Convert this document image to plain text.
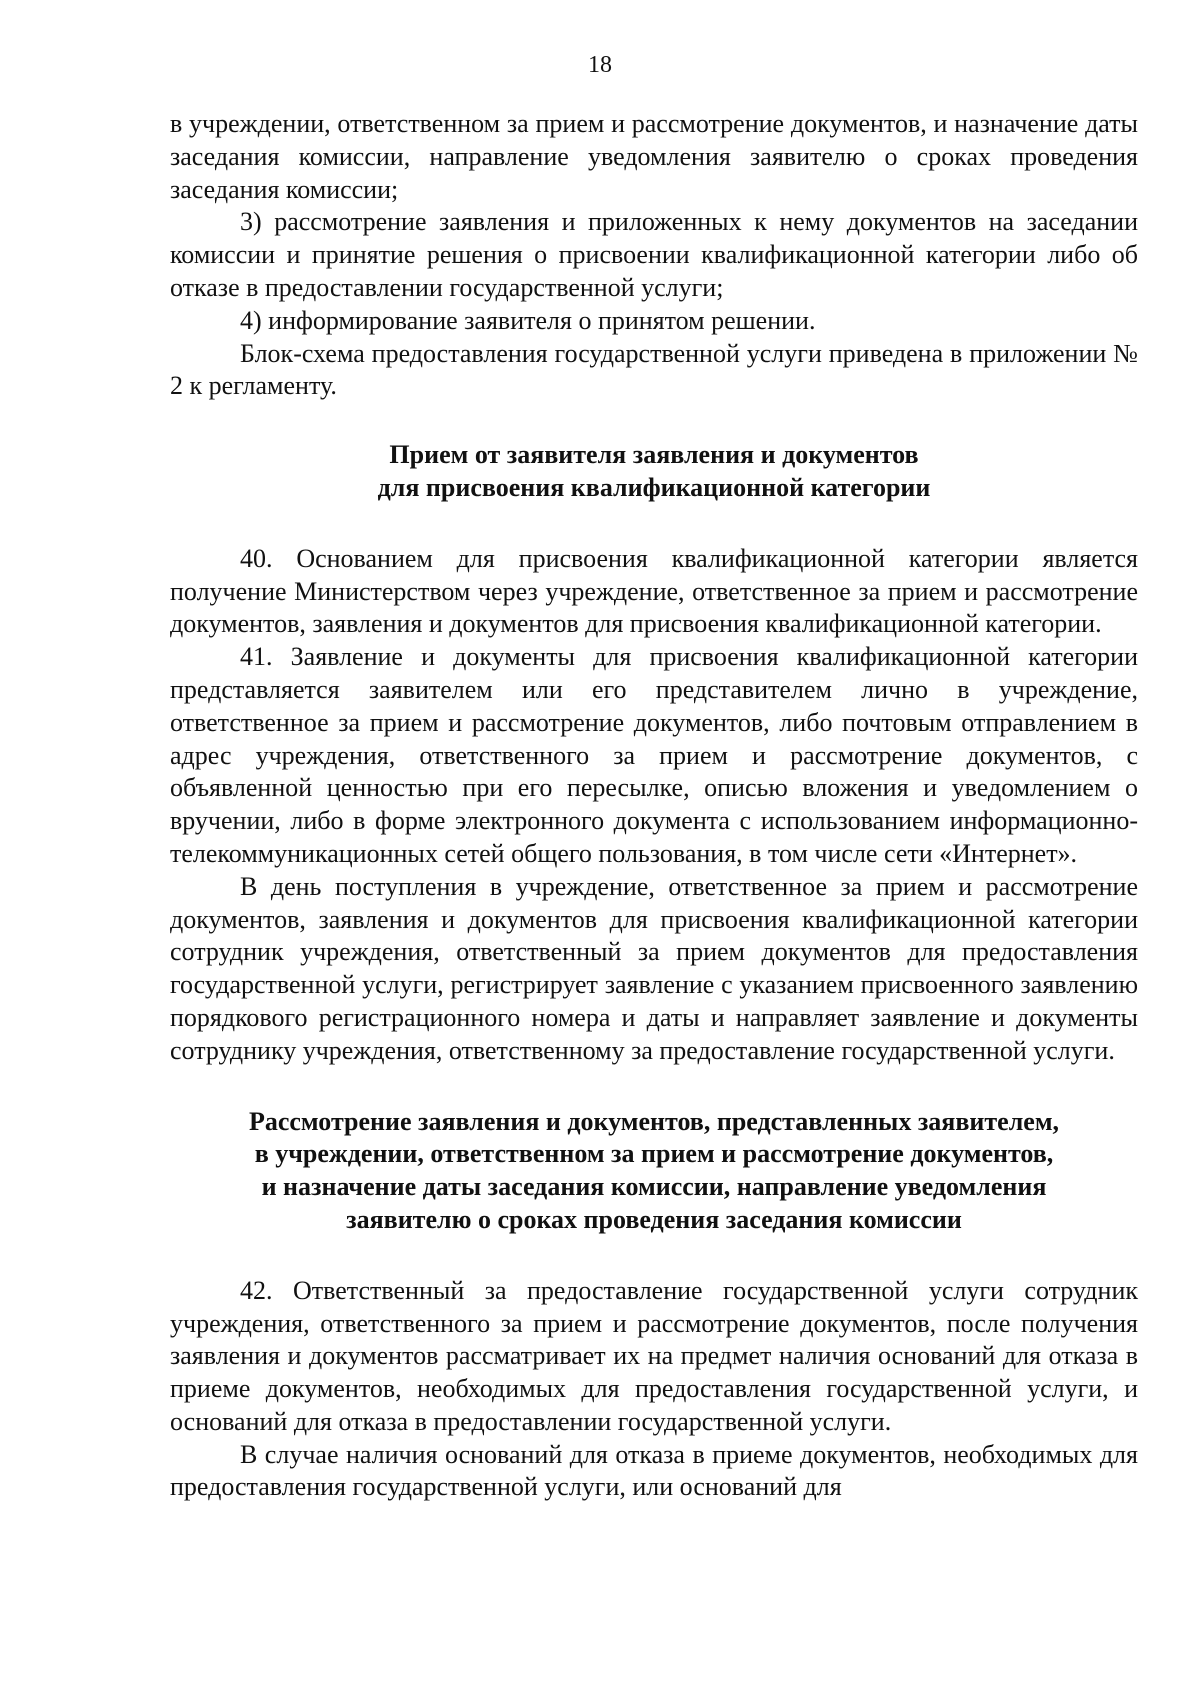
18

в учреждении, ответственном за прием и рассмотрение документов, и назначение даты заседания комиссии, направление уведомления заявителю о сроках проведения заседания комиссии;

3) рассмотрение заявления и приложенных к нему документов на заседании комиссии и принятие решения о присвоении квалификационной категории либо об отказе в предоставлении государственной услуги;

4) информирование заявителя о принятом решении.

Блок-схема предоставления государственной услуги приведена в приложении № 2 к регламенту.

Прием от заявителя заявления и документов
для присвоения квалификационной категории

40. Основанием для присвоения квалификационной категории является получение Министерством через учреждение, ответственное за прием и рассмотрение документов, заявления и документов для присвоения квалификационной категории.

41. Заявление и документы для присвоения квалификационной категории представляется заявителем или его представителем лично в учреждение, ответственное за прием и рассмотрение документов, либо почтовым отправлением в адрес учреждения, ответственного за прием и рассмотрение документов, с объявленной ценностью при его пересылке, описью вложения и уведомлением о вручении, либо в форме электронного документа с использованием информационно-телекоммуникационных сетей общего пользования, в том числе сети «Интернет».

В день поступления в учреждение, ответственное за прием и рассмотрение документов, заявления и документов для присвоения квалификационной категории сотрудник учреждения, ответственный за прием документов для предоставления государственной услуги, регистрирует заявление с указанием присвоенного заявлению порядкового регистрационного номера и даты и направляет заявление и документы сотруднику учреждения, ответственному за предоставление государственной услуги.

Рассмотрение заявления и документов, представленных заявителем,
в учреждении, ответственном за прием и рассмотрение документов,
и назначение даты заседания комиссии, направление уведомления
заявителю о сроках проведения заседания комиссии

42. Ответственный за предоставление государственной услуги сотрудник учреждения, ответственного за прием и рассмотрение документов, после получения заявления и документов рассматривает их на предмет наличия оснований для отказа в приеме документов, необходимых для предоставления государственной услуги, и оснований для отказа в предоставлении государственной услуги.

В случае наличия оснований для отказа в приеме документов, необходимых для предоставления государственной услуги, или оснований для
